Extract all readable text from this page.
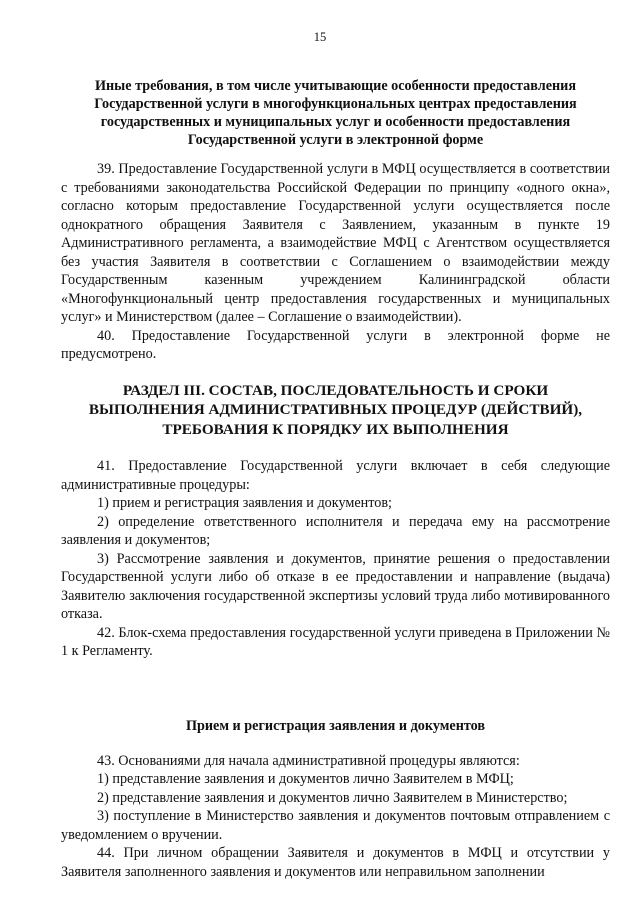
15

Иные требования, в том числе учитывающие особенности предоставления

Государственной услуги в многофункциональных центрах предоставления

государственных и муниципальных услуг и особенности предоставления

Государственной услуги в электронной форме

39. Предоставление Государственной услуги в МФЦ осуществляется в соответствии с требованиями законодательства Российской Федерации по принципу «одного окна», согласно которым предоставление Государственной услуги осуществляется после однократного обращения Заявителя с Заявлением, указанным в пункте 19 Административного регламента, а взаимодействие МФЦ с Агентством осуществляется без участия Заявителя в соответствии с Соглашением о взаимодействии между Государственным казенным учреждением Калининградской области «Многофункциональный центр предоставления государственных и муниципальных услуг» и Министерством (далее – Соглашение о взаимодействии).

40. Предоставление Государственной услуги в электронной форме не предусмотрено.

РАЗДЕЛ III. СОСТАВ, ПОСЛЕДОВАТЕЛЬНОСТЬ И СРОКИ

ВЫПОЛНЕНИЯ АДМИНИСТРАТИВНЫХ ПРОЦЕДУР (ДЕЙСТВИЙ),

ТРЕБОВАНИЯ К ПОРЯДКУ ИХ ВЫПОЛНЕНИЯ

41. Предоставление Государственной услуги включает в себя следующие административные процедуры:

1) прием и регистрация заявления и документов;

2) определение ответственного исполнителя и передача ему на рассмотрение заявления и документов;

3) Рассмотрение заявления и документов, принятие решения о предоставлении Государственной услуги либо об отказе в ее предоставлении и направление (выдача) Заявителю заключения государственной экспертизы условий труда либо мотивированного отказа.

42. Блок-схема предоставления государственной услуги приведена в Приложении № 1 к Регламенту.

Прием и регистрация заявления и документов

43. Основаниями для начала административной процедуры являются:

1) представление заявления и документов лично Заявителем в МФЦ;

2) представление заявления и документов лично Заявителем в Министерство;

3) поступление в Министерство заявления и документов почтовым отправлением с уведомлением о вручении.

44. При личном обращении Заявителя и документов в МФЦ и отсутствии у Заявителя заполненного заявления и документов или неправильном заполнении
